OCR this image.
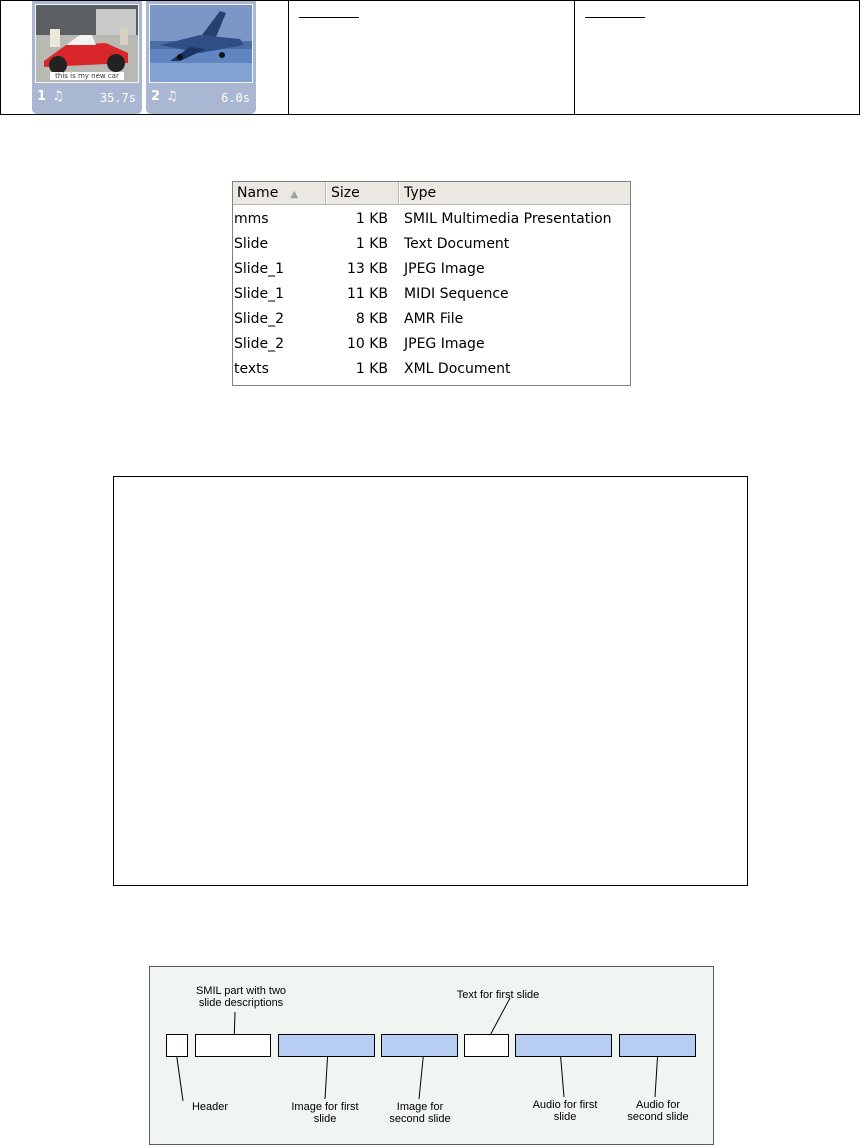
this is my new car
1 ♫	35.7s 2 ♫	6.0s

Name ▲	Size	Type
mms	1 KB SMIL Multimedia Presentation
Slide	1 KB Text Document
Slide_1	13 KB JPEG Image
Slide_1	11 KB MIDI Sequence
Slide_2	8 KB AMR File
Slide_2	10 KB JPEG Image
texts	1 KB XML Document
SMIL part with two slide descriptions
Text for first slide
Header	Image for first slide
Image for second slide
Audio for first slide
Audio for second slide
